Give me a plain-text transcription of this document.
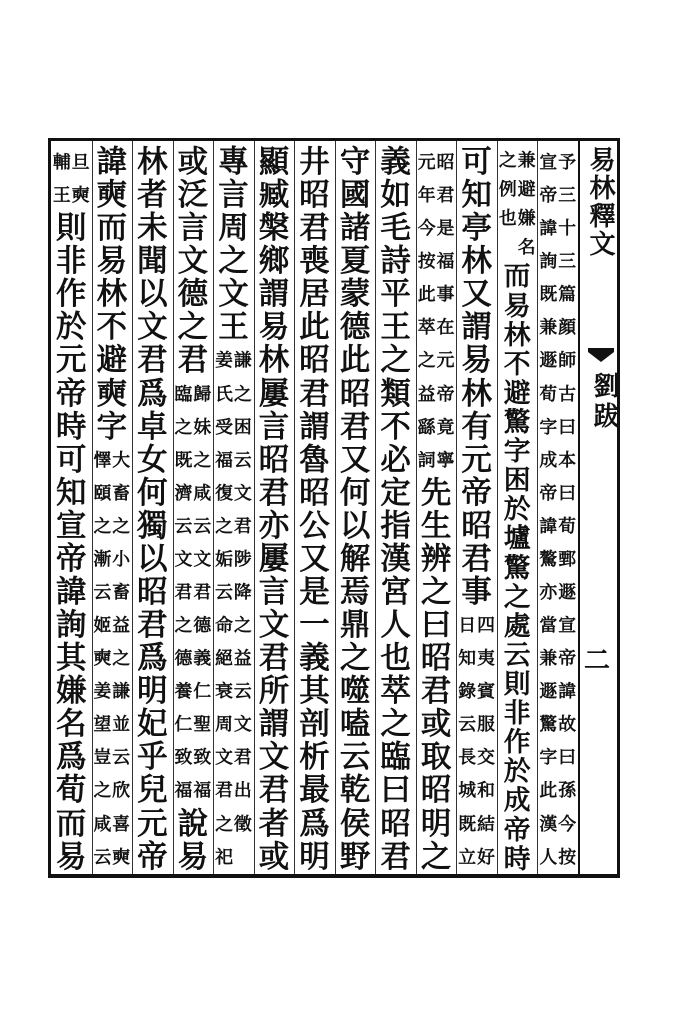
易林釋文
劉跋
二
予
三
十
三
篇
顔
師
古
曰
本
曰
荀
鄄
遯
宣
帝
諱
故
曰
孫
今
按
宣
帝
諱
詢
既
兼
遯
荀
字
成
帝
諱
驁
亦
當
兼
遯
驚
字
此
漢
人
兼
避
嫌
名
之
例
也
而
易
林
不
避
驚
字
困
於
壚
驚
之
處
云
則
非
作
於
成
帝
時
可
知
亭
林
又
謂
易
林
有
元
帝
昭
君
事
四
夷
賓
服
交
和
結
好
日
知
錄
云
長
城
既
立
昭
君
是
福
事
在
元
帝
竟
寧
元
年
今
按
此
萃
之
益
繇
詞
先
生
辨
之
曰
昭
君
或
取
昭
明
之
義
如
毛
詩
平
王
之
類
不
必
定
指
漢
宮
人
也
萃
之
臨
曰
昭
君
守
國
諸
夏
蒙
德
此
昭
君
又
何
以
解
焉
鼎
之
噬
嗑
云
乾
侯
野
井
昭
君
喪
居
此
昭
君
謂
魯
昭
公
又
是
一
義
其
剖
析
最
爲
明
顯
臧
槃
鄉
謂
易
林
屢
言
昭
君
亦
屢
言
文
君
所
謂
文
君
者
或
專
言
周
之
文
王
謙
之
困
云
文
君
陟
降
之
益
云
文
君
出
徵
姜
氏
受
福
復
之
姤
云
命
絕
衰
周
文
君
之
祀
或
泛
言
文
德
之
君
歸
妹
之
咸
云
文
君
德
義
仁
聖
致
福
臨
之
既
濟
云
文
君
之
德
養
仁
致
福
說
易
林
者
未
聞
以
文
君
爲
卓
女
何
獨
以
昭
君
爲
明
妃
乎
兒
元
帝
諱
奭
而
易
林
不
避
奭
字
大
畜
之
小
畜
益
之
謙
並
云
欣
喜
奭
懌
頤
之
漸
云
姬
奭
姜
望
豈
之
咸
云
旦
奭
輔
王
則
非
作
於
元
帝
時
可
知
宣
帝
諱
詢
其
嫌
名
爲
荀
而
易
